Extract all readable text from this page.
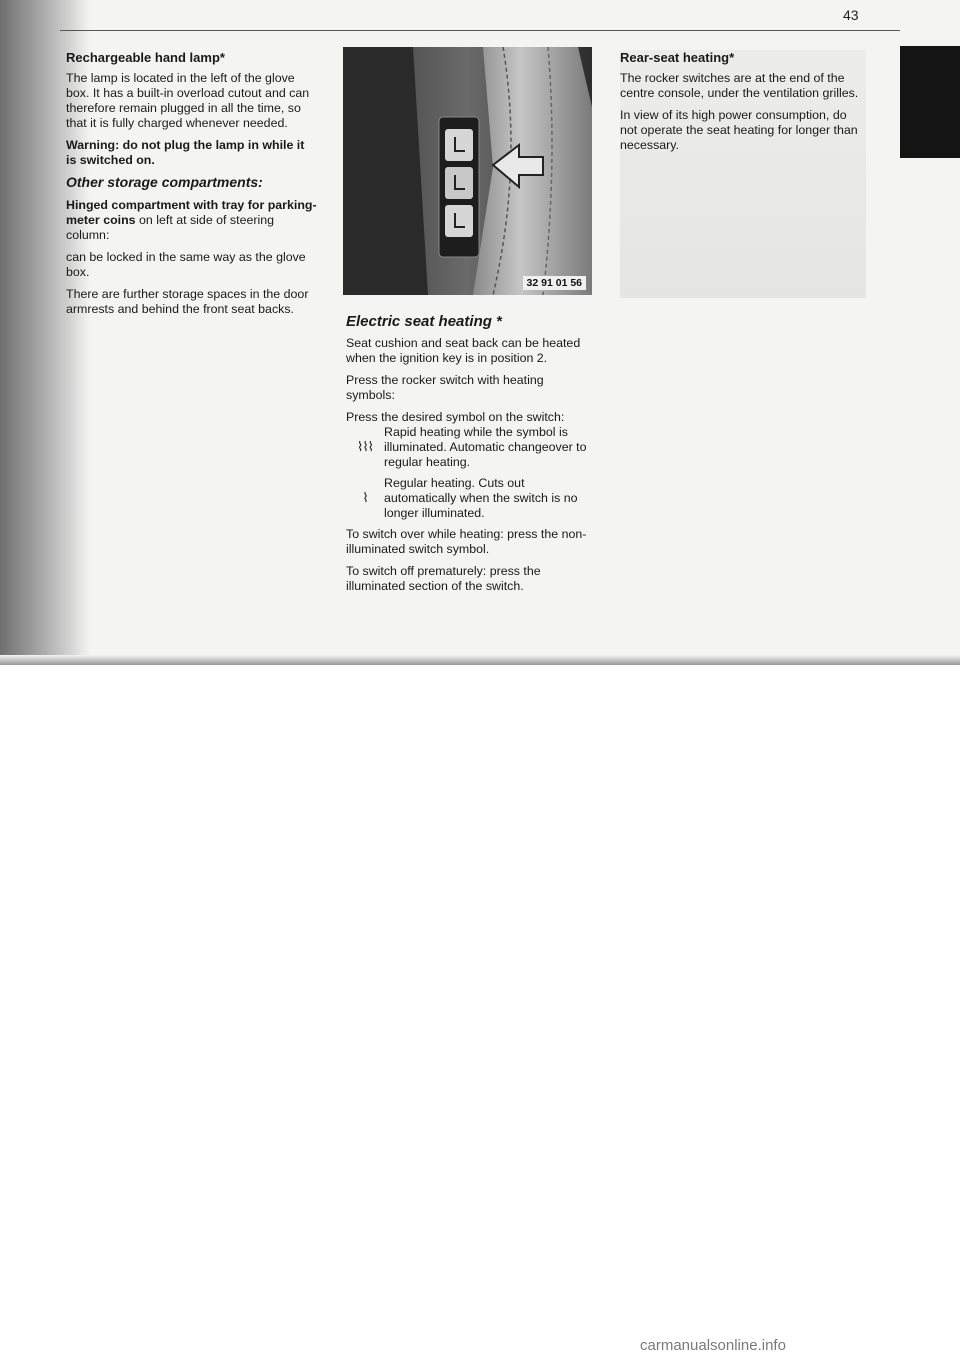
43
Rechargeable hand lamp*

The lamp is located in the left of the glove box. It has a built-in overload cutout and can therefore remain plugged in all the time, so that it is fully charged whenever needed.

Warning: do not plug the lamp in while it is switched on.

Other storage compartments:

Hinged compartment with tray for parking-meter coins on left at side of steering column:

can be locked in the same way as the glove box.

There are further storage spaces in the door armrests and behind the front seat backs.

32 91 01 56
Electric seat heating *

Seat cushion and seat back can be heated when the ignition key is in position 2.

Press the rocker switch with heating symbols:

Press the desired symbol on the switch:

⌇⌇⌇
Rapid heating while the symbol is illuminated. Automatic changeover to regular heating.
⌇
Regular heating. Cuts out automatically when the switch is no longer illuminated.

To switch over while heating: press the non-illuminated switch symbol.

To switch off prematurely: press the illuminated section of the switch.

Rear-seat heating*

The rocker switches are at the end of the centre console, under the ventilation grilles.

In view of its high power consumption, do not operate the seat heating for longer than necessary.

carmanualsonline.info
